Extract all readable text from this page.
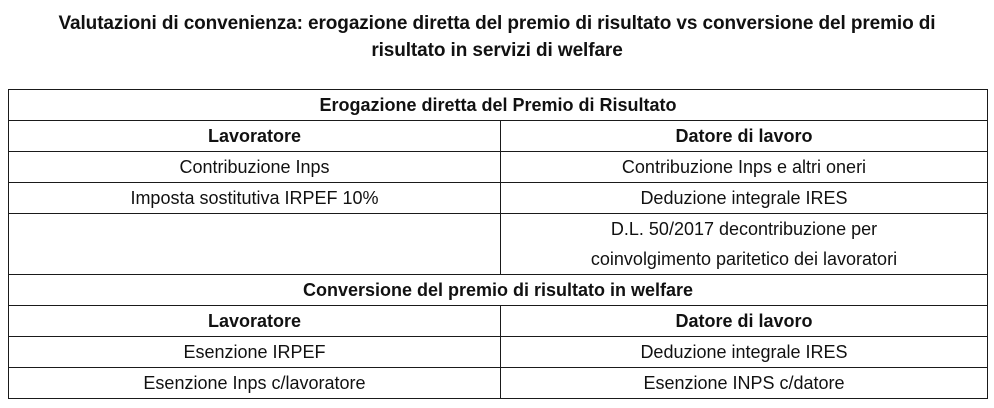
Valutazioni di convenienza: erogazione diretta del premio di risultato vs conversione del premio di
risultato in servizi di welfare
Erogazione diretta del Premio di Risultato	
Lavoratore	Datore di lavoro
Contribuzione Inps	Contribuzione Inps e altri oneri
Imposta sostitutiva IRPEF 10%	Deduzione integrale IRES

	D.L. 50/2017 decontribuzione per
coinvolgimento paritetico dei lavoratori

Conversione del premio di risultato in welfare	
Lavoratore	Datore di lavoro
Esenzione IRPEF	Deduzione integrale IRES
Esenzione Inps c/lavoratore	Esenzione INPS c/datore
